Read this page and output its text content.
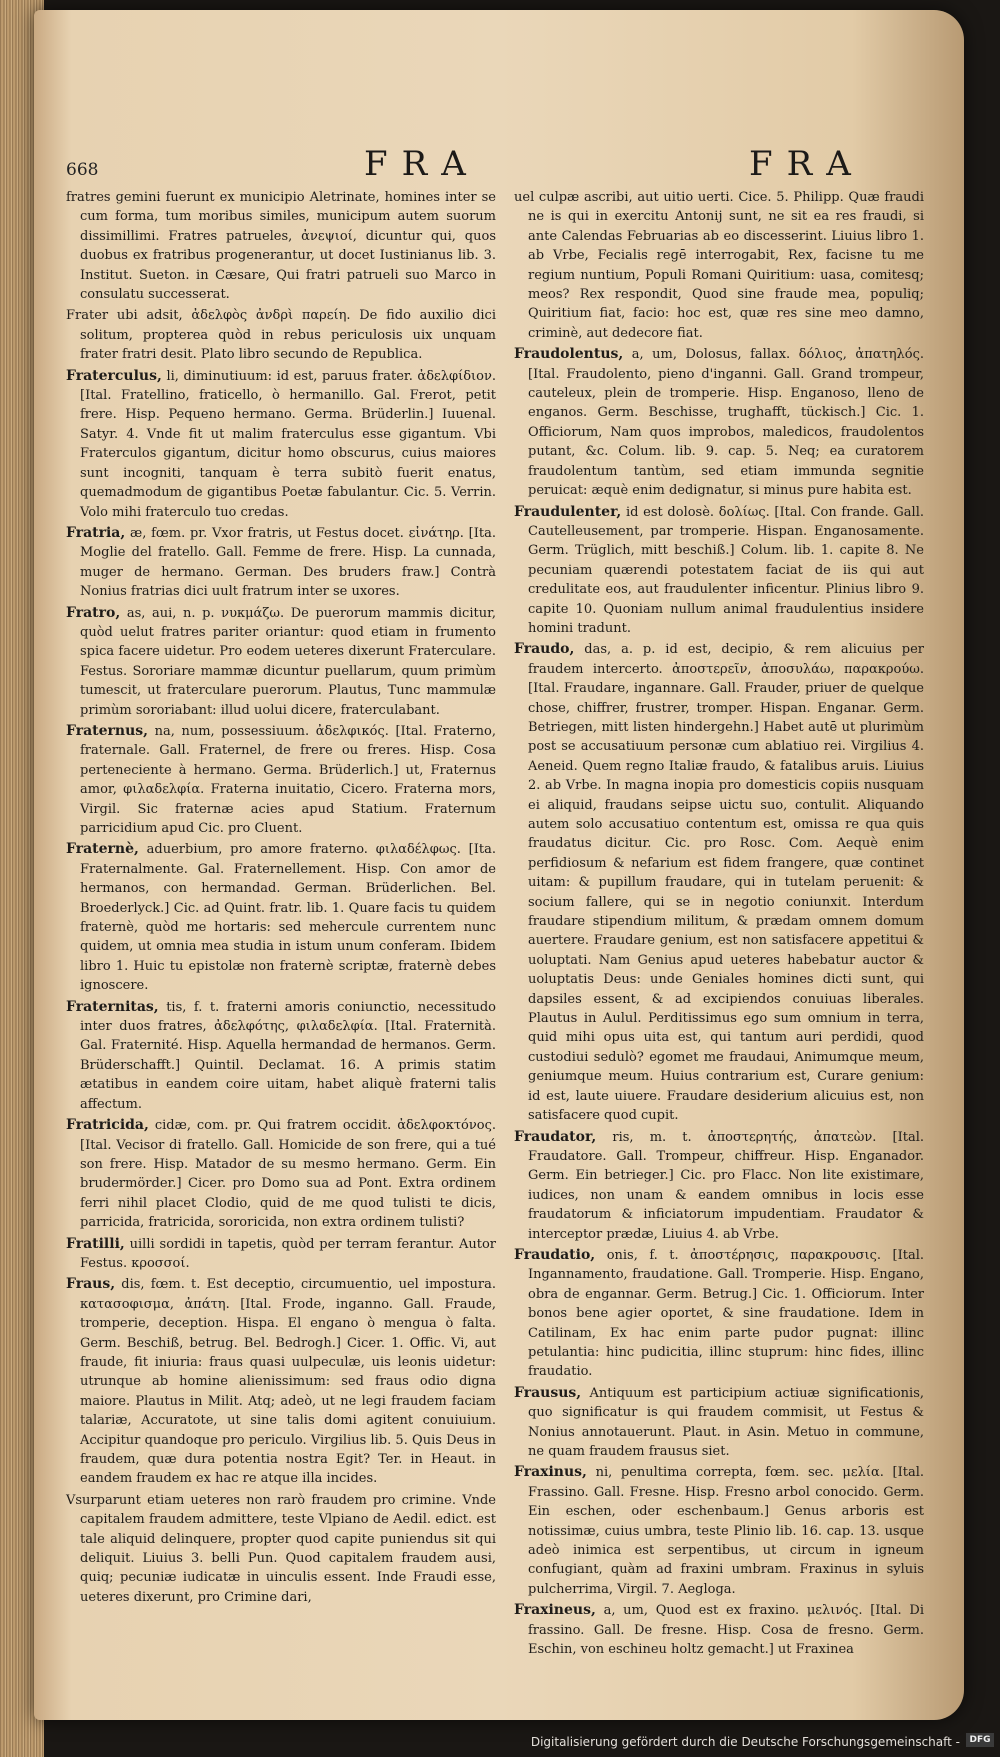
668	FRA	FRA

fratres gemini fuerunt ex municipio Aletrinate, homines inter se cum forma, tum moribus similes, municipum autem suorum dissimillimi. Fratres patrueles, ἀνεψιοί, dicuntur qui, quos duobus ex fratribus progenerantur, ut docet Iustinianus lib. 3. Institut. Sueton. in Cæsare, Qui fratri patrueli suo Marco in consulatu successerat.

Frater ubi adsit, ἀδελφὸς ἀνδρὶ παρείη. De fido auxilio dici solitum, propterea quòd in rebus periculosis uix unquam frater fratri desit. Plato libro secundo de Republica.

Fraterculus, li, diminutiuum: id est, paruus frater. ἀδελφίδιον. [Ital. Fratellino, fraticello, ò hermanillo. Gal. Frerot, petit frere. Hisp. Pequeno hermano. Germa. Brüderlin.] Iuuenal. Satyr. 4. Vnde fit ut malim fraterculus esse gigantum. Vbi Fraterculos gigantum, dicitur homo obscurus, cuius maiores sunt incogniti, tanquam è terra subitò fuerit enatus, quemadmodum de gigantibus Poetæ fabulantur. Cic. 5. Verrin. Volo mihi fraterculo tuo credas.

Fratria, æ, fœm. pr. Vxor fratris, ut Festus docet. εἰνάτηρ. [Ita. Moglie del fratello. Gall. Femme de frere. Hisp. La cunnada, muger de hermano. German. Des bruders fraw.] Contrà Nonius fratrias dici uult fratrum inter se uxores.

Fratro, as, aui, n. p. νυκμάζω. De puerorum mammis dicitur, quòd uelut fratres pariter oriantur: quod etiam in frumento spica facere uidetur. Pro eodem ueteres dixerunt Fraterculare. Festus. Sororiare mammæ dicuntur puellarum, quum primùm tumescit, ut fraterculare puerorum. Plautus, Tunc mammulæ primùm sororiabant: illud uolui dicere, fraterculabant.

Fraternus, na, num, possessiuum. ἀδελφικός. [Ital. Fraterno, fraternale. Gall. Fraternel, de frere ou freres. Hisp. Cosa perteneciente à hermano. Germa. Brüderlich.] ut, Fraternus amor, φιλαδελφία. Fraterna inuitatio, Cicero. Fraterna mors, Virgil. Sic fraternæ acies apud Statium. Fraternum parricidium apud Cic. pro Cluent.

Fraternè, aduerbium, pro amore fraterno. φιλαδέλφως. [Ita. Fraternalmente. Gal. Fraternellement. Hisp. Con amor de hermanos, con hermandad. German. Brüderlichen. Bel. Broederlyck.] Cic. ad Quint. fratr. lib. 1. Quare facis tu quidem fraternè, quòd me hortaris: sed mehercule currentem nunc quidem, ut omnia mea studia in istum unum conferam. Ibidem libro 1. Huic tu epistolæ non fraternè scriptæ, fraternè debes ignoscere.

Fraternitas, tis, f. t. fraterni amoris coniunctio, necessitudo inter duos fratres, ἀδελφότης, φιλαδελφία. [Ital. Fraternità. Gal. Fraternité. Hisp. Aquella hermandad de hermanos. Germ. Brüderschafft.] Quintil. Declamat. 16. A primis statim ætatibus in eandem coire uitam, habet aliquè fraterni talis affectum.

Fratricida, cidæ, com. pr. Qui fratrem occidit. ἀδελφοκτόνος. [Ital. Vecisor di fratello. Gall. Homicide de son frere, qui a tué son frere. Hisp. Matador de su mesmo hermano. Germ. Ein brudermörder.] Cicer. pro Domo sua ad Pont. Extra ordinem ferri nihil placet Clodio, quid de me quod tulisti te dicis, parricida, fratricida, sororicida, non extra ordinem tulisti?

Fratilli, uilli sordidi in tapetis, quòd per terram ferantur. Autor Festus. κροσσοί.

Fraus, dis, fœm. t. Est deceptio, circumuentio, uel impostura. κατασοφισμα, ἀπάτη. [Ital. Frode, inganno. Gall. Fraude, tromperie, deception. Hispa. El engano ò mengua ò falta. Germ. Beschiß, betrug. Bel. Bedrogh.] Cicer. 1. Offic. Vi, aut fraude, fit iniuria: fraus quasi uulpeculæ, uis leonis uidetur: utrunque ab homine alienissimum: sed fraus odio digna maiore. Plautus in Milit. Atq; adeò, ut ne legi fraudem faciam talariæ, Accuratote, ut sine talis domi agitent conuiuium. Accipitur quandoque pro periculo. Virgilius lib. 5. Quis Deus in fraudem, quæ dura potentia nostra Egit? Ter. in Heaut. in eandem fraudem ex hac re atque illa incides.

Vsurparunt etiam ueteres non rarò fraudem pro crimine. Vnde capitalem fraudem admittere, teste Vlpiano de Aedil. edict. est tale aliquid delinquere, propter quod capite puniendus sit qui deliquit. Liuius 3. belli Pun. Quod capitalem fraudem ausi, quiq; pecuniæ iudicatæ in uinculis essent. Inde Fraudi esse, ueteres dixerunt, pro Crimine dari,

uel culpæ ascribi, aut uitio uerti. Cice. 5. Philipp. Quæ fraudi ne is qui in exercitu Antonij sunt, ne sit ea res fraudi, si ante Calendas Februarias ab eo discesserint. Liuius libro 1. ab Vrbe, Fecialis regē interrogabit, Rex, facisne tu me regium nuntium, Populi Romani Quiritium: uasa, comitesq; meos? Rex respondit, Quod sine fraude mea, populiq; Quiritium fiat, facio: hoc est, quæ res sine meo damno, criminè, aut dedecore fiat.

Fraudolentus, a, um, Dolosus, fallax. δόλιος, ἀπατηλός. [Ital. Fraudolento, pieno d'inganni. Gall. Grand trompeur, cauteleux, plein de tromperie. Hisp. Enganoso, lleno de enganos. Germ. Beschisse, trughafft, tückisch.] Cic. 1. Officiorum, Nam quos improbos, maledicos, fraudolentos putant, &c. Colum. lib. 9. cap. 5. Neq; ea curatorem fraudolentum tantùm, sed etiam immunda segnitie peruicat: æquè enim dedignatur, si minus pure habita est.

Fraudulenter, id est dolosè. δολίως. [Ital. Con frande. Gall. Cautelleusement, par tromperie. Hispan. Enganosamente. Germ. Trüglich, mitt beschiß.] Colum. lib. 1. capite 8. Ne pecuniam quærendi potestatem faciat de iis qui aut credulitate eos, aut fraudulenter inficentur. Plinius libro 9. capite 10. Quoniam nullum animal fraudulentius insidere homini tradunt.

Fraudo, das, a. p. id est, decipio, & rem alicuius per fraudem intercerto. ἀποστερεῖν, ἀποσυλάω, παρακρούω. [Ital. Fraudare, ingannare. Gall. Frauder, priuer de quelque chose, chiffrer, frustrer, tromper. Hispan. Enganar. Germ. Betriegen, mitt listen hindergehn.] Habet autē ut plurimùm post se accusatiuum personæ cum ablatiuo rei. Virgilius 4. Aeneid. Quem regno Italiæ fraudo, & fatalibus aruis. Liuius 2. ab Vrbe. In magna inopia pro domesticis copiis nusquam ei aliquid, fraudans seipse uictu suo, contulit. Aliquando autem solo accusatiuo contentum est, omissa re qua quis fraudatus dicitur. Cic. pro Rosc. Com. Aequè enim perfidiosum & nefarium est fidem frangere, quæ continet uitam: & pupillum fraudare, qui in tutelam peruenit: & socium fallere, qui se in negotio coniunxit. Interdum fraudare stipendium militum, & prædam omnem domum auertere. Fraudare genium, est non satisfacere appetitui & uoluptati. Nam Genius apud ueteres habebatur auctor & uoluptatis Deus: unde Geniales homines dicti sunt, qui dapsiles essent, & ad excipiendos conuiuas liberales. Plautus in Aulul. Perditissimus ego sum omnium in terra, quid mihi opus uita est, qui tantum auri perdidi, quod custodiui sedulò? egomet me fraudaui, Animumque meum, geniumque meum. Huius contrarium est, Curare genium: id est, laute uiuere. Fraudare desiderium alicuius est, non satisfacere quod cupit.

Fraudator, ris, m. t. ἀποστερητής, ἀπατεὼν. [Ital. Fraudatore. Gall. Trompeur, chiffreur. Hisp. Enganador. Germ. Ein betrieger.] Cic. pro Flacc. Non lite existimare, iudices, non unam & eandem omnibus in locis esse fraudatorum & inficiatorum impudentiam. Fraudator & interceptor prædæ, Liuius 4. ab Vrbe.

Fraudatio, onis, f. t. ἀποστέρησις, παρακρουσις. [Ital. Ingannamento, fraudatione. Gall. Tromperie. Hisp. Engano, obra de engannar. Germ. Betrug.] Cic. 1. Officiorum. Inter bonos bene agier oportet, & sine fraudatione. Idem in Catilinam, Ex hac enim parte pudor pugnat: illinc petulantia: hinc pudicitia, illinc stuprum: hinc fides, illinc fraudatio.

Frausus, Antiquum est participium actiuæ significationis, quo significatur is qui fraudem commisit, ut Festus & Nonius annotauerunt. Plaut. in Asin. Metuo in commune, ne quam fraudem frausus siet.

Fraxinus, ni, penultima correpta, fœm. sec. μελία. [Ital. Frassino. Gall. Fresne. Hisp. Fresno arbol conocido. Germ. Ein eschen, oder eschenbaum.] Genus arboris est notissimæ, cuius umbra, teste Plinio lib. 16. cap. 13. usque adeò inimica est serpentibus, ut circum in igneum confugiant, quàm ad fraxini umbram. Fraxinus in syluis pulcherrima, Virgil. 7. Aegloga.

Fraxineus, a, um, Quod est ex fraxino. μελινός. [Ital. Di frassino. Gall. De fresne. Hisp. Cosa de fresno. Germ. Eschin, von eschineu holtz gemacht.] ut Fraxinea

Digitalisierung gefördert durch die Deutsche Forschungsgemeinschaft -	DFG
